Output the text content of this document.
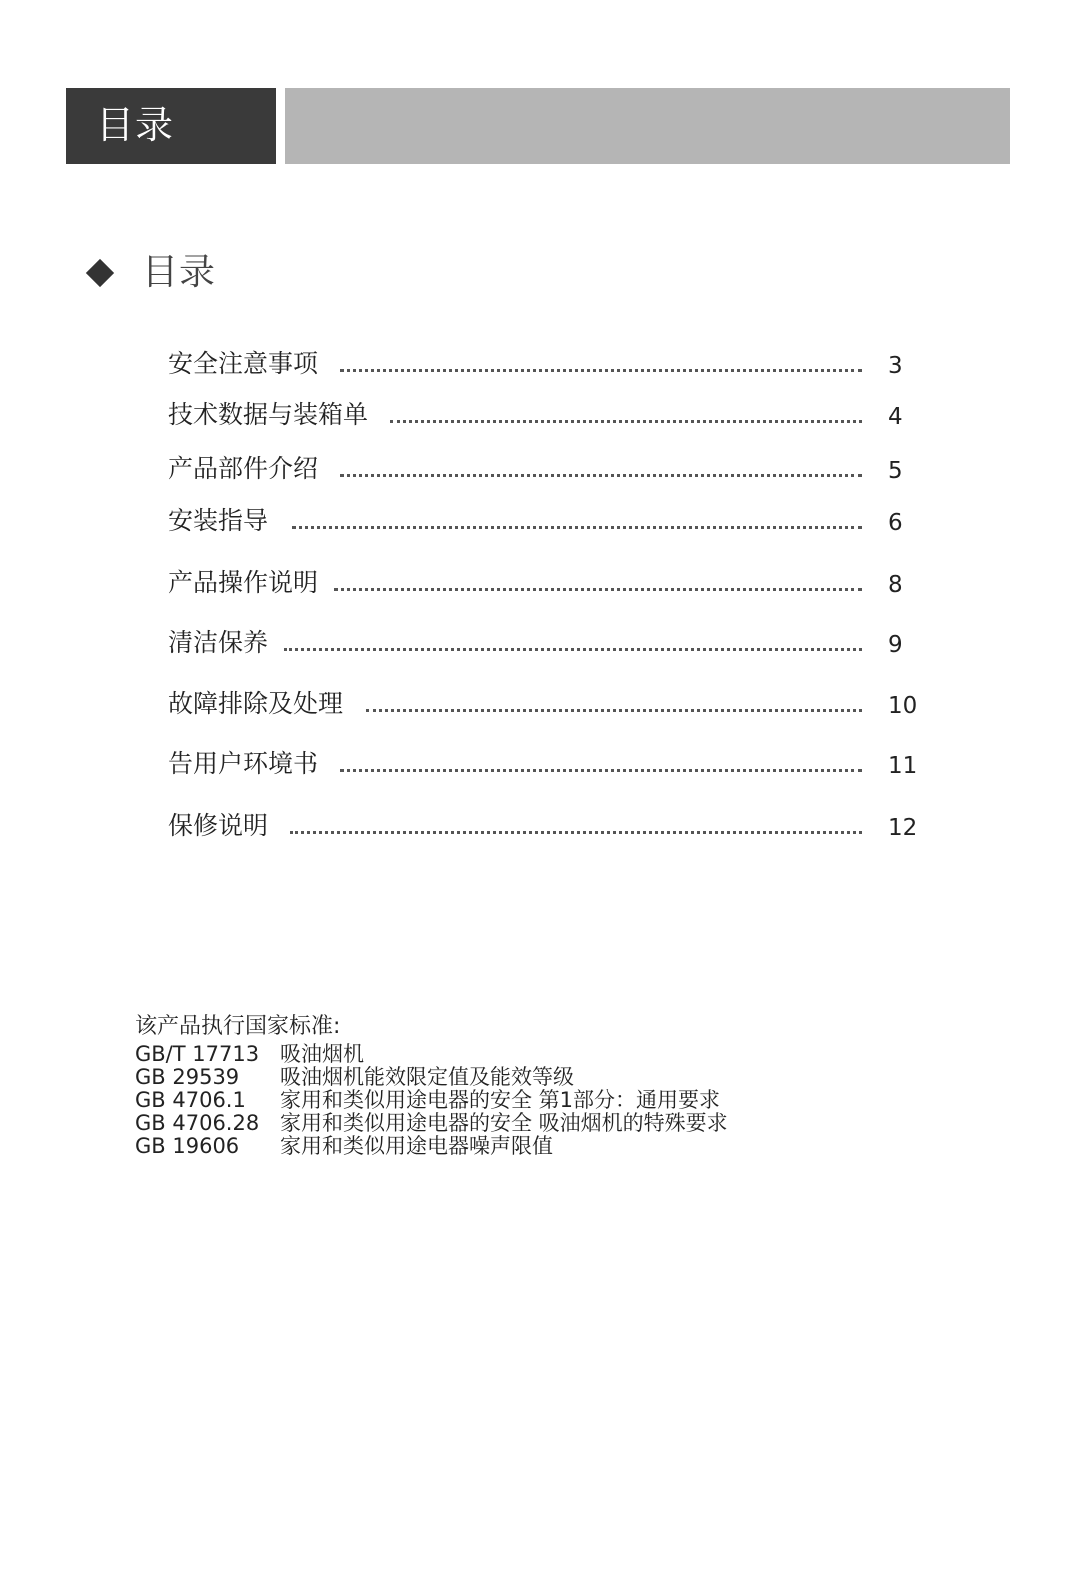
目录
目录
安全注意事项	3
技术数据与装箱单	4
产品部件介绍	5
安装指导	6
产品操作说明	8
清洁保养	9
故障排除及处理	10
告用户环境书	11
保修说明	12
该产品执行国家标准:
GB/T 17713 吸油烟机
GB 29539 吸油烟机能效限定值及能效等级
GB 4706.1 家用和类似用途电器的安全 第1部分：通用要求
GB 4706.28 家用和类似用途电器的安全 吸油烟机的特殊要求
GB 19606 家用和类似用途电器噪声限值
